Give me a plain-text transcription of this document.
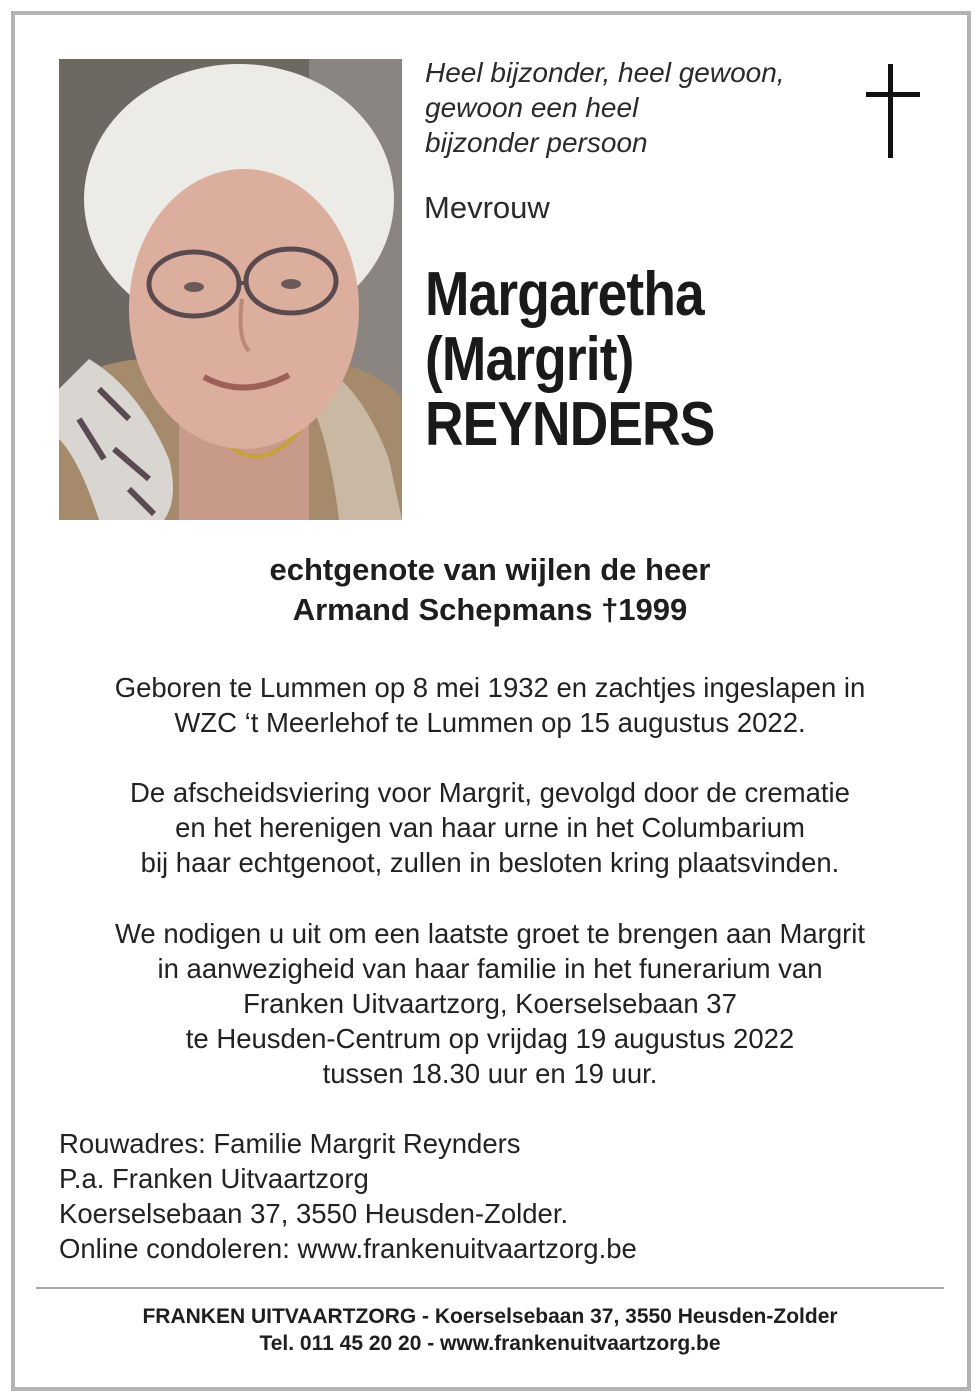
Heel bijzonder, heel gewoon,
gewoon een heel
bijzonder persoon
Mevrouw
Margaretha
(Margrit)
REYNDERS
echtgenote van wijlen de heer
Armand Schepmans †1999
Geboren te Lummen op 8 mei 1932 en zachtjes ingeslapen in
WZC ‘t Meerlehof te Lummen op 15 augustus 2022.
De afscheidsviering voor Margrit, gevolgd door de crematie
en het herenigen van haar urne in het Columbarium
bij haar echtgenoot, zullen in besloten kring plaatsvinden.
We nodigen u uit om een laatste groet te brengen aan Margrit
in aanwezigheid van haar familie in het funerarium van
Franken Uitvaartzorg, Koerselsebaan 37
te Heusden-Centrum op vrijdag 19 augustus 2022
tussen 18.30 uur en 19 uur.
Rouwadres: Familie Margrit Reynders
P.a. Franken Uitvaartzorg
Koerselsebaan 37, 3550 Heusden-Zolder.
Online condoleren: www.frankenuitvaartzorg.be
FRANKEN UITVAARTZORG - Koerselsebaan 37, 3550 Heusden-Zolder
Tel. 011 45 20 20 - www.frankenuitvaartzorg.be
